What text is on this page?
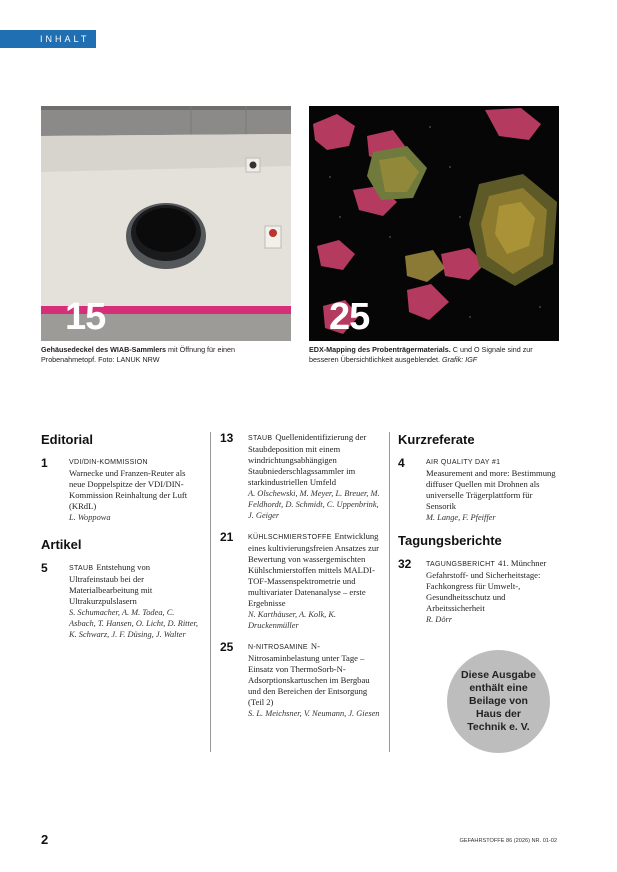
INHALT
15	25
Gehäusedeckel des WIAB-Sammlers mit Öffnung für einen Probenahmetopf. Foto: LANUK NRW
EDX-Mapping des Probenträgermaterials. C und O Signale sind zur besseren Übersichtlichkeit ausgeblendet. Grafik: IGF
Editorial
1	VDI/DIN-KOMMISSION
Warnecke und Franzen-Reuter als neue Doppelspitze der VDI/DIN-Kommission Reinhaltung der Luft (KRdL)
L. Woppowa
Artikel
5	STAUB Entstehung von Ultrafeinstaub bei der Materialbearbeitung mit Ultrakurzpulslasern
S. Schumacher, A. M. Todea, C. Asbach, T. Hansen, O. Licht, D. Ritter, K. Schwarz, J. F. Düsing, J. Walter
13 STAUB Quellenidentifizierung der Staubdeposition mit einem windrichtungsabhängigen Staubniederschlagssammler im starkindustriellen Umfeld
A. Olschewski, M. Meyer, L. Breuer, M. Feldhordt, D. Schmidt, C. Uppenbrink, J. Geiger
21 KÜHLSCHMIERSTOFFE Entwicklung eines kultivierungsfreien Ansatzes zur Bewertung von wassergemischten Kühlschmierstoffen mittels MALDI-TOF-Massenspektrometrie und multivariater Datenanalyse – erste Ergebnisse
N. Karthäuser, A. Kolk, K. Druckenmüller
25 N-NITROSAMINE N-Nitrosaminbelastung unter Tage – Einsatz von ThermoSorb-N-Adsorptionskartuschen im Bergbau und den Bereichen der Entsorgung (Teil 2)
S. L. Meichsner, V. Neumann, J. Giesen
Kurzreferate
4	AIR QUALITY DAY #1
Measurement and more: Bestimmung diffuser Quellen mit Drohnen als universelle Trägerplattform für Sensorik
M. Lange, F. Pfeiffer
Tagungsberichte
32 TAGUNGSBERICHT 41. Münchner Gefahrstoff- und Sicherheitstage: Fachkongress für Umwelt-, Gesundheitsschutz und Arbeitssicherheit
R. Dörr
Diese Ausgabe enthält eine Beilage von Haus der Technik e. V.
2	GEFAHRSTOFFE 86 (2026) NR. 01-02
